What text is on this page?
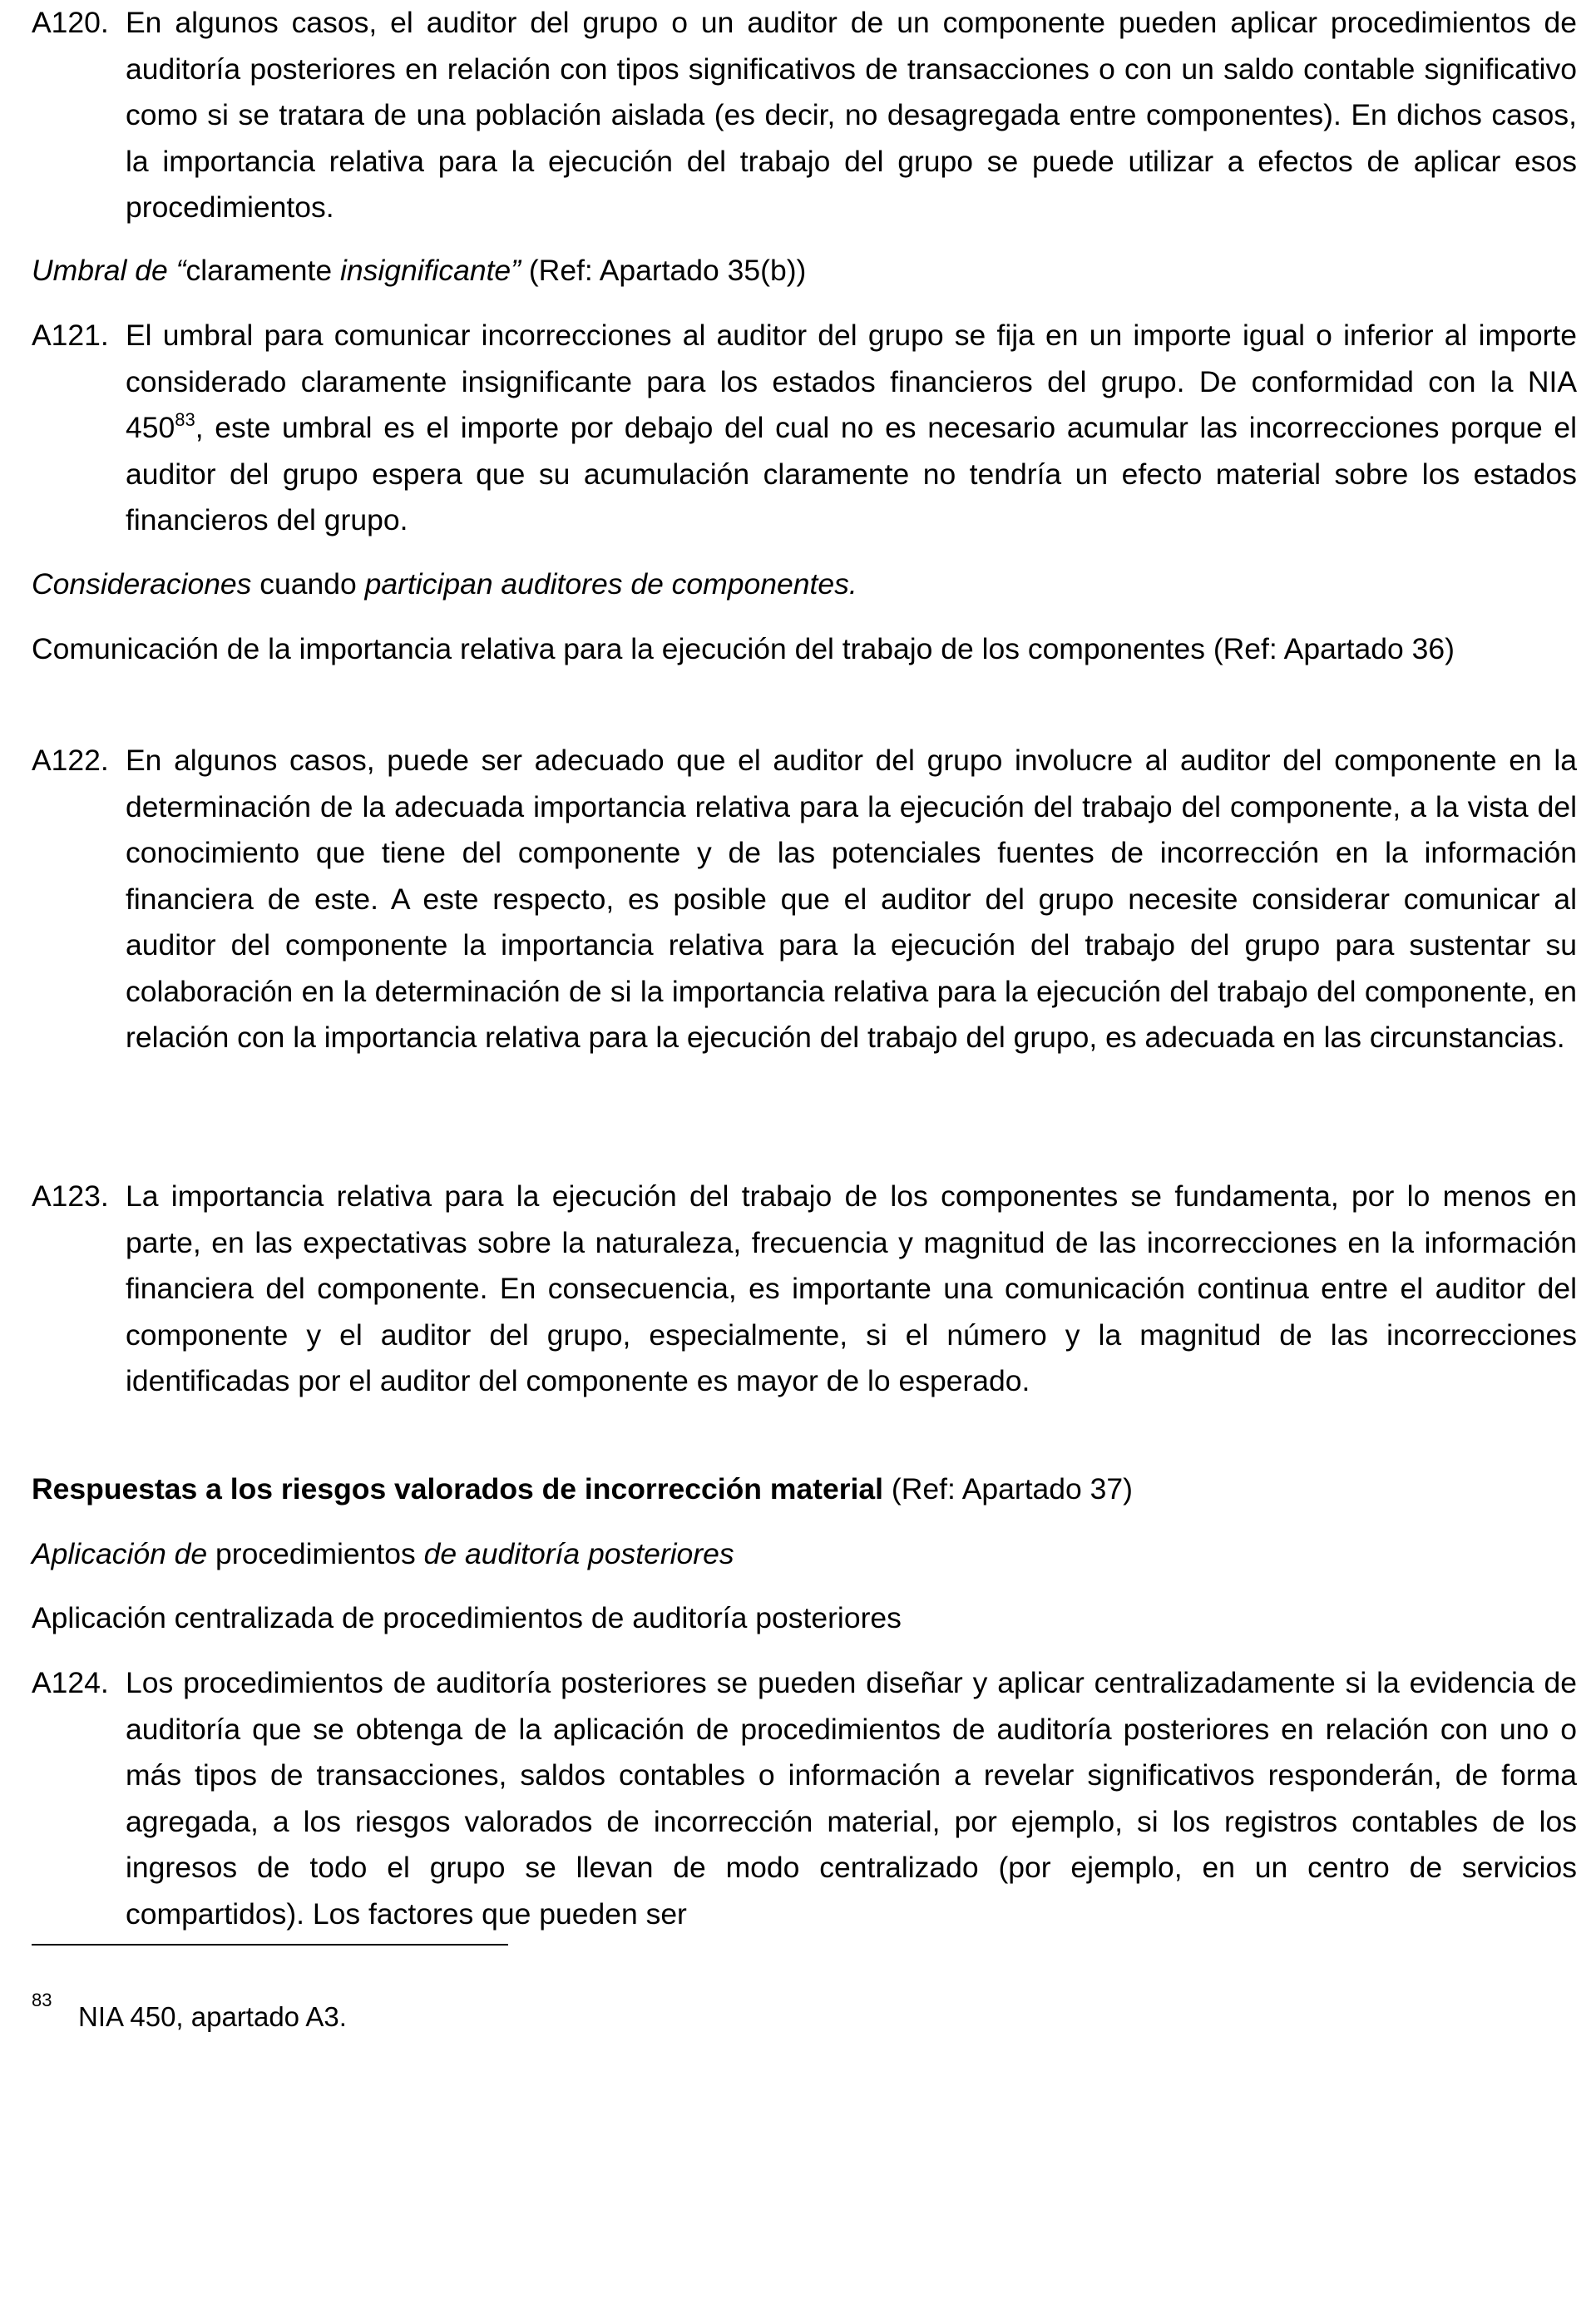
A120. En algunos casos, el auditor del grupo o un auditor de un componente pueden aplicar procedimientos de auditoría posteriores en relación con tipos significativos de transacciones o con un saldo contable significativo como si se tratara de una población aislada (es decir, no desagregada entre componentes). En dichos casos, la importancia relativa para la ejecución del trabajo del grupo se puede utilizar a efectos de aplicar esos procedimientos.

Umbral de “claramente insignificante” (Ref: Apartado 35(b))

A121. El umbral para comunicar incorrecciones al auditor del grupo se fija en un importe igual o inferior al importe considerado claramente insignificante para los estados financieros del grupo. De conformidad con la NIA $450^{83}$, este umbral es el importe por debajo del cual no es necesario acumular las incorrecciones porque el auditor del grupo espera que su acumulación claramente no tendría un efecto material sobre los estados financieros del grupo.

Consideraciones cuando participan auditores de componentes.

Comunicación de la importancia relativa para la ejecución del trabajo de los componentes (Ref: Apartado 36)

A122. En algunos casos, puede ser adecuado que el auditor del grupo involucre al auditor del componente en la determinación de la adecuada importancia relativa para la ejecución del trabajo del componente, a la vista del conocimiento que tiene del componente y de las potenciales fuentes de incorrección en la información financiera de este. A este respecto, es posible que el auditor del grupo necesite considerar comunicar al auditor del componente la importancia relativa para la ejecución del trabajo del grupo para sustentar su colaboración en la determinación de si la importancia relativa para la ejecución del trabajo del componente, en relación con la importancia relativa para la ejecución del trabajo del grupo, es adecuada en las circunstancias.
A123. La importancia relativa para la ejecución del trabajo de los componentes se fundamenta, por lo menos en parte, en las expectativas sobre la naturaleza, frecuencia y magnitud de las incorrecciones en la información financiera del componente. En consecuencia, es importante una comunicación continua entre el auditor del componente y el auditor del grupo, especialmente, si el número y la magnitud de las incorrecciones identificadas por el auditor del componente es mayor de lo esperado.

Respuestas a los riesgos valorados de incorrección material (Ref: Apartado 37)

Aplicación de procedimientos de auditoría posteriores

Aplicación centralizada de procedimientos de auditoría posteriores

A124. Los procedimientos de auditoría posteriores se pueden diseñar y aplicar centralizadamente si la evidencia de auditoría que se obtenga de la aplicación de procedimientos de auditoría posteriores en relación con uno o más tipos de transacciones, saldos contables o información a revelar significativos responderán, de forma agregada, a los riesgos valorados de incorrección material, por ejemplo, si los registros contables de los ingresos de todo el grupo se llevan de modo centralizado (por ejemplo, en un centro de servicios compartidos). Los factores que pueden ser
83
NIA 450, apartado A3.
